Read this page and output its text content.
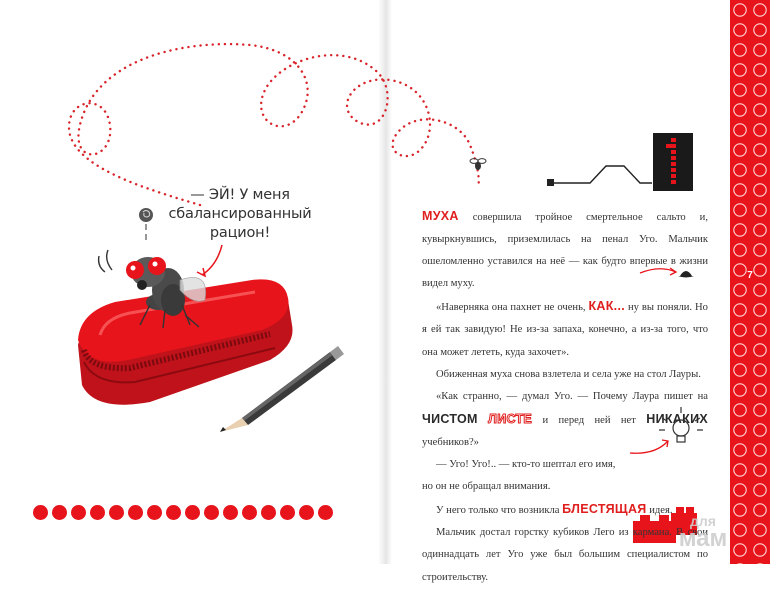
— ЭЙ! У меня
сбалансированный
рацион!

МУХА совершила тройное смертельное сальто и, кувыркнувшись, приземлилась на пенал Уго. Мальчик ошеломленно уставился на неё — как будто впервые в жизни видел муху.

«Наверняка она пахнет не очень, КАК... ну вы поняли. Но я ей так завидую! Не из-за запаха, конечно, а из-за того, что она может лететь, куда захочет».

Обиженная муха снова взлетела и села уже на стол Лауры.

«Как странно, — думал Уго. — Почему Лаура пишет на ЧИСТОМ ЛИСТЕ и перед ней нет НИКАКИХ учебников?»

— Уго! Уго!.. — кто-то шептал его имя,
но он не обращал внимания.

У него только что возникла БЛЕСТЯЩАЯ идея.

Мальчик достал горстку кубиков Лего из кармана. В свои одиннадцать лет Уго уже был большим специалистом по строительству.

7
для
мам
